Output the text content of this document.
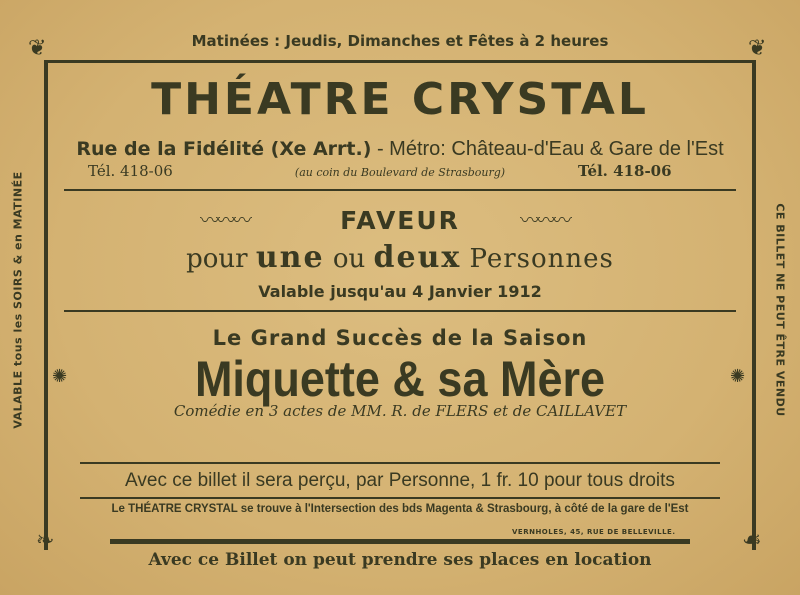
❦	❦
❧	☙
✺	✺
VALABLE tous les SOIRS & en MATINÉE	CE BILLET NE PEUT ÊTRE VENDU
Matinées : Jeudis, Dimanches et Fêtes à 2 heures
THÉATRE CRYSTAL
Rue de la Fidélité (Xe Arrt.) - Métro: Château-d'Eau & Gare de l'Est
Tél. 418-06	(au coin du Boulevard de Strasbourg)	Tél. 418-06
〰〰〰	〰〰〰
FAVEUR
pour une ou deux Personnes
Valable jusqu'au 4 Janvier 1912
Le Grand Succès de la Saison
Miquette & sa Mère
Comédie en 3 actes de MM. R. de FLERS et de CAILLAVET
Avec ce billet il sera perçu, par Personne, 1 fr. 10 pour tous droits
Le THÉATRE CRYSTAL se trouve à l'Intersection des bds Magenta & Strasbourg, à côté de la gare de l'Est
VERNHOLES, 45, RUE DE BELLEVILLE.
Avec ce Billet on peut prendre ses places en location
